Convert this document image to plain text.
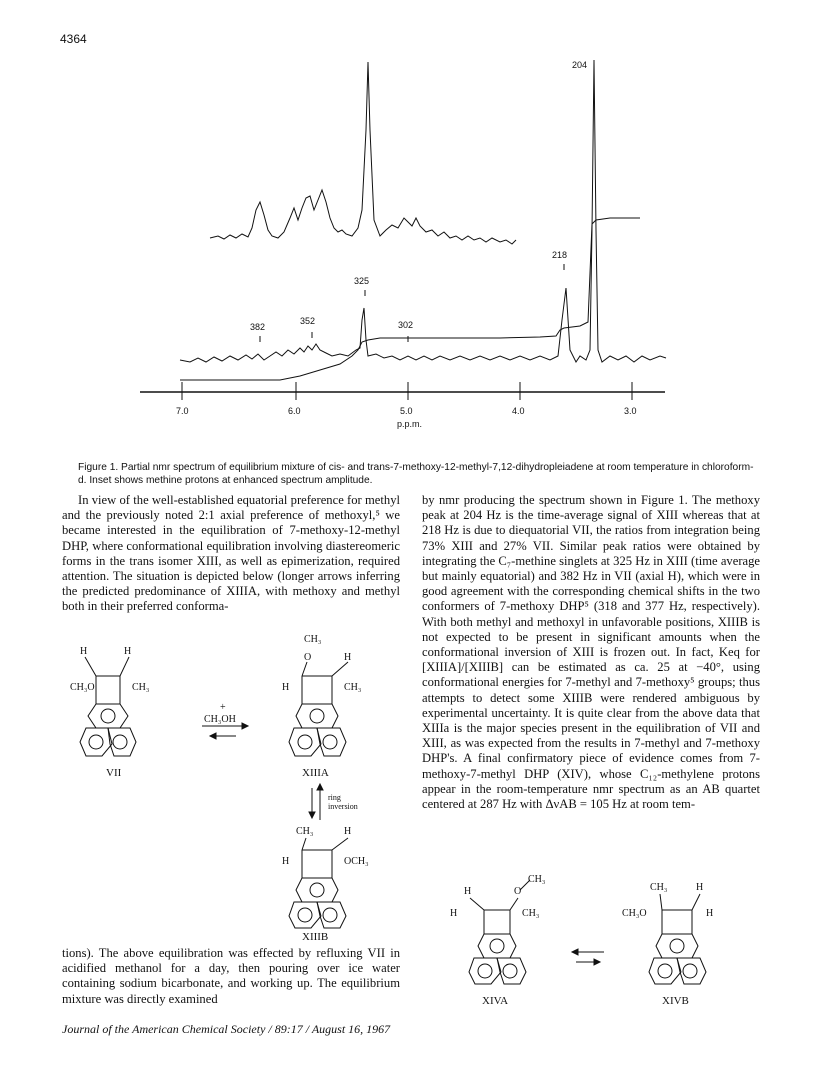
4364
7.0	6.0	5.0	4.0	3.0
p.p.m.
204
218
325
382
352	302
Figure 1. Partial nmr spectrum of equilibrium mixture of cis- and trans-7-methoxy-12-methyl-7,12-dihydropleiadene at room temperature in chloroform-d. Inset shows methine protons at enhanced spectrum amplitude.

In view of the well-established equatorial preference for methyl and the previously noted 2:1 axial preference of methoxyl,⁵ we became interested in the equilibration of 7-methoxy-12-methyl DHP, where conformational equilibration involving diastereomeric forms in the trans isomer XIII, as well as epimerization, required attention. The situation is depicted below (longer arrows inferring the predicted predominance of XIIIA, with methoxy and methyl both in their preferred conforma-

H	H
CH₃O	CH₃
VII
+
CH₃OH
CH₃
O	H
H	CH₃
XIIIA
ring
inversion
CH₃	H
H	OCH₃
XIIIB

tions). The above equilibration was effected by refluxing VII in acidified methanol for a day, then pouring over ice water containing sodium bicarbonate, and working up. The equilibrium mixture was directly examined

by nmr producing the spectrum shown in Figure 1. The methoxy peak at 204 Hz is the time-average signal of XIII whereas that at 218 Hz is due to diequatorial VII, the ratios from integration being 73% XIII and 27% VII. Similar peak ratios were obtained by integrating the C₇-methine singlets at 325 Hz in XIII (time average but mainly equatorial) and 382 Hz in VII (axial H), which were in good agreement with the corresponding chemical shifts in the two conformers of 7-methoxy DHP⁵ (318 and 377 Hz, respectively). With both methyl and methoxyl in unfavorable positions, XIIIB is not expected to be present in significant amounts when the conformational inversion of XIII is frozen out. In fact, Keq for [XIIIA]/[XIIIB] can be estimated as ca. 25 at −40°, using conformational energies for 7-methyl and 7-methoxy⁵ groups; thus attempts to detect some XIIIB were rendered ambiguous by experimental uncertainty. It is quite clear from the above data that XIIIa is the major species present in the equilibration of VII and XIII, as was expected from the results in 7-methyl and 7-methoxy DHP's. A final confirmatory piece of evidence comes from 7-methoxy-7-methyl DHP (XIV), whose C₁₂-methylene protons appear in the room-temperature nmr spectrum as an AB quartet centered at 287 Hz with ΔνAB = 105 Hz at room tem-

CH₃
O
H
H	CH₃
XIVA
CH₃	H
CH₃O	H
XIVB
Journal of the American Chemical Society / 89:17 / August 16, 1967
